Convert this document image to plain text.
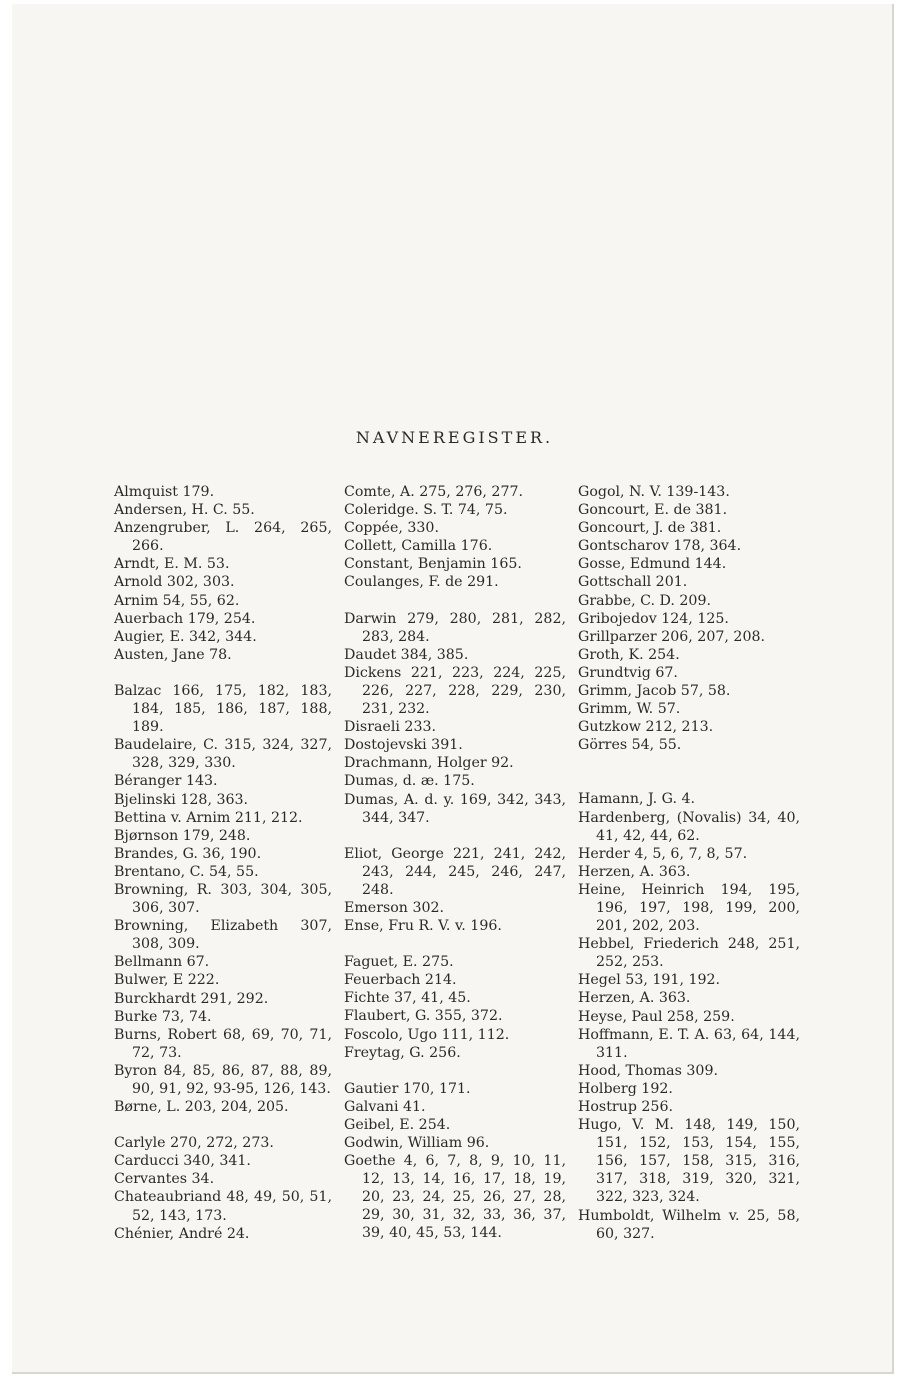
NAVNEREGISTER.
Almquist 179.
Andersen, H. C. 55.
Anzengruber, L. 264, 265, 266.
Arndt, E. M. 53.
Arnold 302, 303.
Arnim 54, 55, 62.
Auerbach 179, 254.
Augier, E. 342, 344.
Austen, Jane 78.
Balzac 166, 175, 182, 183, 184, 185, 186, 187, 188, 189.
Baudelaire, C. 315, 324, 327, 328, 329, 330.
Béranger 143.
Bjelinski 128, 363.
Bettina v. Arnim 211, 212.
Bjørnson 179, 248.
Brandes, G. 36, 190.
Brentano, C. 54, 55.
Browning, R. 303, 304, 305, 306, 307.
Browning, Elizabeth 307, 308, 309.
Bellmann 67.
Bulwer, E 222.
Burckhardt 291, 292.
Burke 73, 74.
Burns, Robert 68, 69, 70, 71, 72, 73.
Byron 84, 85, 86, 87, 88, 89, 90, 91, 92, 93-95, 126, 143.
Børne, L. 203, 204, 205.
Carlyle 270, 272, 273.
Carducci 340, 341.
Cervantes 34.
Chateaubriand 48, 49, 50, 51, 52, 143, 173.
Chénier, André 24.
Comte, A. 275, 276, 277.
Coleridge. S. T. 74, 75.
Coppée, 330.
Collett, Camilla 176.
Constant, Benjamin 165.
Coulanges, F. de 291.
Darwin 279, 280, 281, 282, 283, 284.
Daudet 384, 385.
Dickens 221, 223, 224, 225, 226, 227, 228, 229, 230, 231, 232.
Disraeli 233.
Dostojevski 391.
Drachmann, Holger 92.
Dumas, d. æ. 175.
Dumas, A. d. y. 169, 342, 343, 344, 347.
Eliot, George 221, 241, 242, 243, 244, 245, 246, 247, 248.
Emerson 302.
Ense, Fru R. V. v. 196.
Faguet, E. 275.
Feuerbach 214.
Fichte 37, 41, 45.
Flaubert, G. 355, 372.
Foscolo, Ugo 111, 112.
Freytag, G. 256.
Gautier 170, 171.
Galvani 41.
Geibel, E. 254.
Godwin, William 96.
Goethe 4, 6, 7, 8, 9, 10, 11, 12, 13, 14, 16, 17, 18, 19, 20, 23, 24, 25, 26, 27, 28, 29, 30, 31, 32, 33, 36, 37, 39, 40, 45, 53, 144.
Gogol, N. V. 139-143.
Goncourt, E. de 381.
Goncourt, J. de 381.
Gontscharov 178, 364.
Gosse, Edmund 144.
Gottschall 201.
Grabbe, C. D. 209.
Gribojedov 124, 125.
Grillparzer 206, 207, 208.
Groth, K. 254.
Grundtvig 67.
Grimm, Jacob 57, 58.
Grimm, W. 57.
Gutzkow 212, 213.
Görres 54, 55.
Hamann, J. G. 4.
Hardenberg, (Novalis) 34, 40, 41, 42, 44, 62.
Herder 4, 5, 6, 7, 8, 57.
Herzen, A. 363.
Heine, Heinrich 194, 195, 196, 197, 198, 199, 200, 201, 202, 203.
Hebbel, Friederich 248, 251, 252, 253.
Hegel 53, 191, 192.
Herzen, A. 363.
Heyse, Paul 258, 259.
Hoffmann, E. T. A. 63, 64, 144, 311.
Hood, Thomas 309.
Holberg 192.
Hostrup 256.
Hugo, V. M. 148, 149, 150, 151, 152, 153, 154, 155, 156, 157, 158, 315, 316, 317, 318, 319, 320, 321, 322, 323, 324.
Humboldt, Wilhelm v. 25, 58, 60, 327.
